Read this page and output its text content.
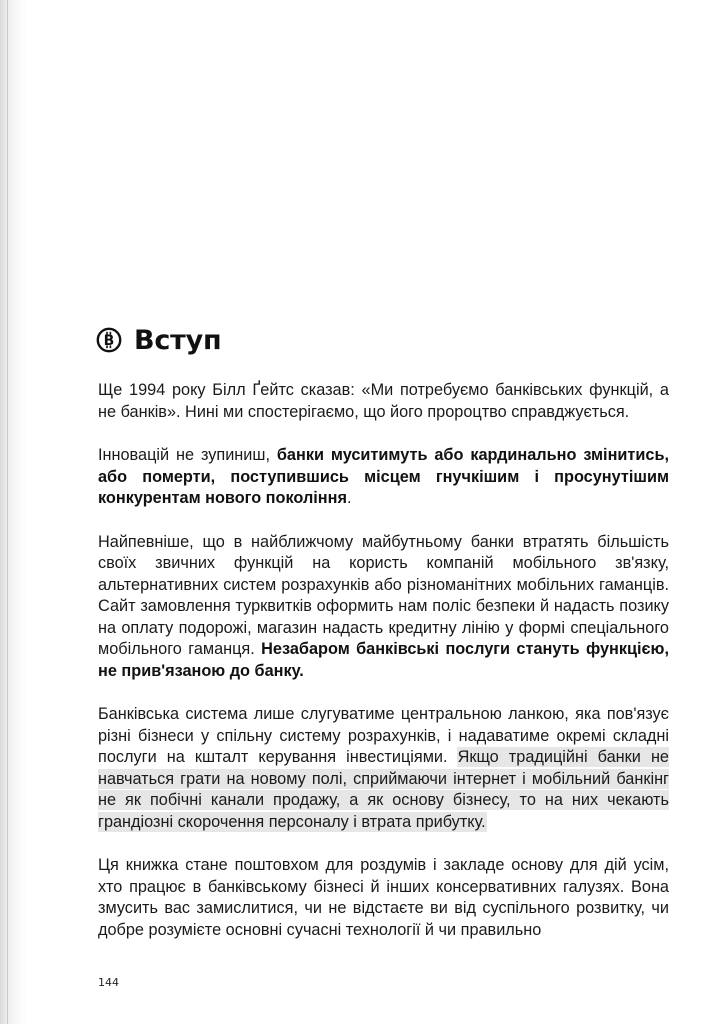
B Вступ

Ще 1994 року Білл Ґейтс сказав: «Ми потребуємо банківських функцій, а не банків». Нині ми спостерігаємо, що його пророцтво справджується.

Інновацій не зупиниш, банки муситимуть або кардинально змінитись, або померти, поступившись місцем гнучкішим і просунутішим конкурентам нового покоління.

Найпевніше, що в найближчому майбутньому банки втратять більшість своїх звичних функцій на користь компаній мобільного зв'язку, альтернативних систем розрахунків або різноманітних мобільних гаманців. Сайт замовлення турквитків оформить нам поліс безпеки й надасть позику на оплату подорожі, магазин надасть кредитну лінію у формі спеціального мобільного гаманця. Незабаром банківські послуги стануть функцією, не прив'язаною до банку.

Банківська система лише слугуватиме центральною ланкою, яка пов'язує різні бізнеси у спільну систему розрахунків, і надаватиме окремі складні послуги на кшталт керування інвестиціями. Якщо традиційні банки не навчаться грати на новому полі, сприймаючи інтернет і мобільний банкінг не як побічні канали продажу, а як основу бізнесу, то на них чекають грандіозні скорочення персоналу і втрата прибутку.

Ця книжка стане поштовхом для роздумів і закладе основу для дій усім, хто працює в банківському бізнесі й інших консервативних галузях. Вона змусить вас замислитися, чи не відстаєте ви від суспільного розвитку, чи добре розумієте основні сучасні технології й чи правильно

144
